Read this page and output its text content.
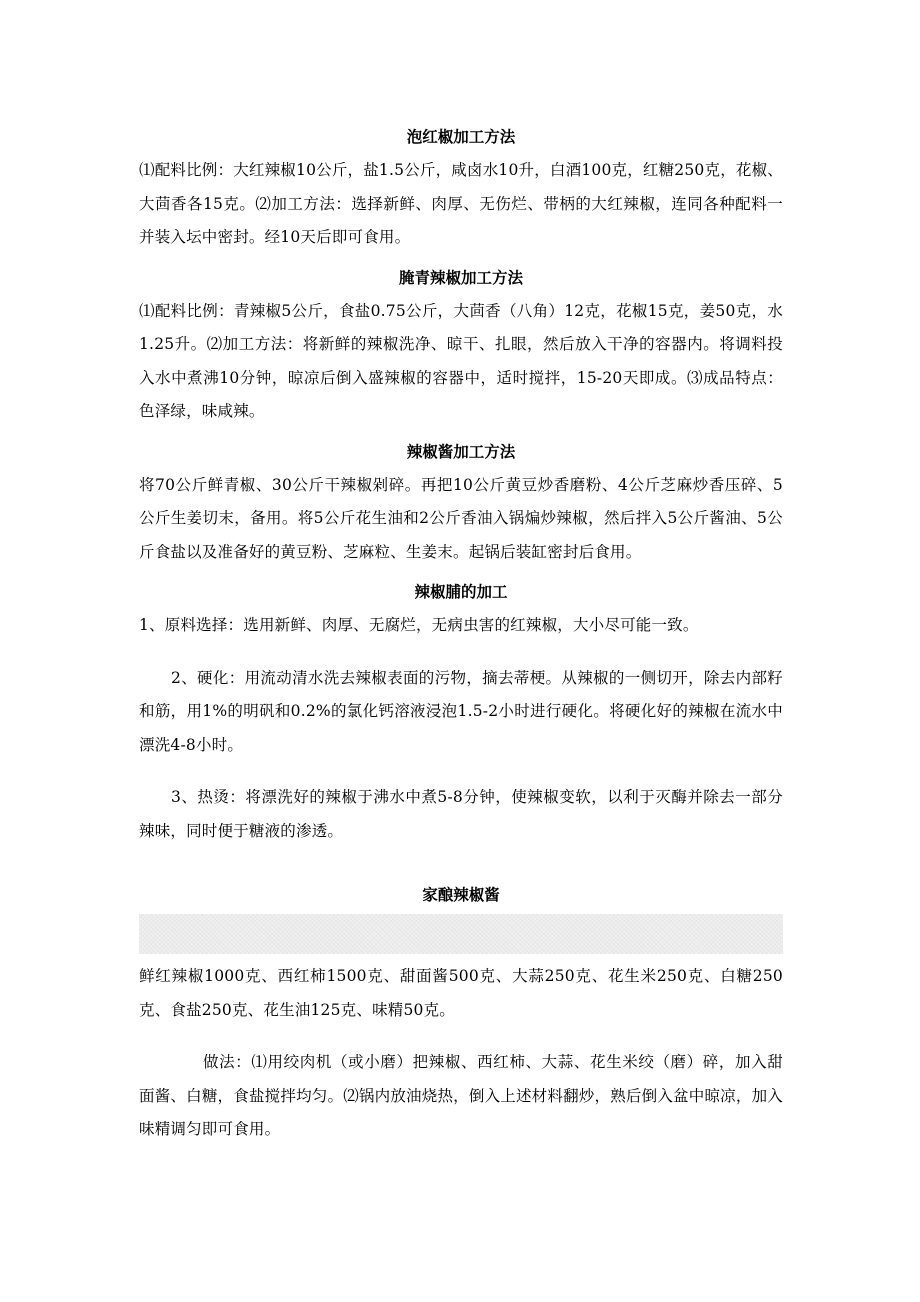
泡红椒加工方法

⑴配料比例：大红辣椒10公斤，盐1.5公斤，咸卤水10升，白酒100克，红糖250克，花椒、大茴香各15克。⑵加工方法：选择新鲜、肉厚、无伤烂、带柄的大红辣椒，连同各种配料一并装入坛中密封。经10天后即可食用。

腌青辣椒加工方法

⑴配料比例：青辣椒5公斤，食盐0.75公斤，大茴香（八角）12克，花椒15克，姜50克，水1.25升。⑵加工方法：将新鲜的辣椒洗净、晾干、扎眼，然后放入干净的容器内。将调料投入水中煮沸10分钟，晾凉后倒入盛辣椒的容器中，适时搅拌，15-20天即成。⑶成品特点：色泽绿，味咸辣。

辣椒酱加工方法

将70公斤鲜青椒、30公斤干辣椒剁碎。再把10公斤黄豆炒香磨粉、4公斤芝麻炒香压碎、5公斤生姜切末，备用。将5公斤花生油和2公斤香油入锅煸炒辣椒，然后拌入5公斤酱油、5公斤食盐以及准备好的黄豆粉、芝麻粒、生姜末。起锅后装缸密封后食用。

辣椒脯的加工

1、原料选择：选用新鲜、肉厚、无腐烂，无病虫害的红辣椒，大小尽可能一致。

2、硬化：用流动清水洗去辣椒表面的污物，摘去蒂梗。从辣椒的一侧切开，除去内部籽和筋，用1%的明矾和0.2%的氯化钙溶液浸泡1.5-2小时进行硬化。将硬化好的辣椒在流水中漂洗4-8小时。

3、热烫：将漂洗好的辣椒于沸水中煮5-8分钟，使辣椒变软，以利于灭酶并除去一部分辣味，同时便于糖液的渗透。

家酿辣椒酱

鲜红辣椒1000克、西红柿1500克、甜面酱500克、大蒜250克、花生米250克、白糖250克、食盐250克、花生油125克、味精50克。

做法：⑴用绞肉机（或小磨）把辣椒、西红柿、大蒜、花生米绞（磨）碎，加入甜面酱、白糖，食盐搅拌均匀。⑵锅内放油烧热，倒入上述材料翻炒，熟后倒入盆中晾凉，加入味精调匀即可食用。
